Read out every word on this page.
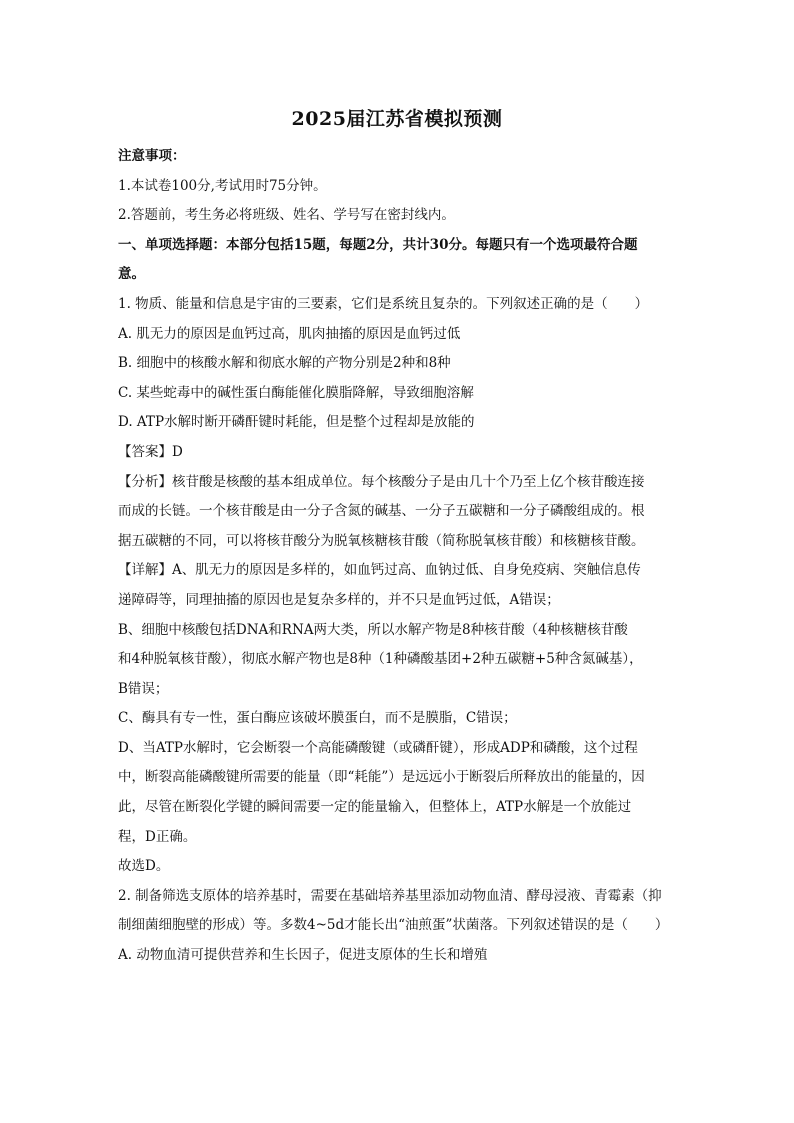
2025届江苏省模拟预测
注意事项：
1.本试卷100分,考试用时75分钟。
2.答题前，考生务必将班级、姓名、学号写在密封线内。
一、单项选择题：本部分包括15题，每题2分，共计30分。每题只有一个选项最符合题
意。
1. 物质、能量和信息是宇宙的三要素，它们是系统且复杂的。下列叙述正确的是（　　）
A. 肌无力的原因是血钙过高，肌肉抽搐的原因是血钙过低
B. 细胞中的核酸水解和彻底水解的产物分别是2种和8种
C. 某些蛇毒中的碱性蛋白酶能催化膜脂降解，导致细胞溶解
D. ATP水解时断开磷酐键时耗能，但是整个过程却是放能的
【答案】D
【分析】核苷酸是核酸的基本组成单位。每个核酸分子是由几十个乃至上亿个核苷酸连接
而成的长链。一个核苷酸是由一分子含氮的碱基、一分子五碳糖和一分子磷酸组成的。根
据五碳糖的不同，可以将核苷酸分为脱氧核糖核苷酸（简称脱氧核苷酸）和核糖核苷酸。
【详解】A、肌无力的原因是多样的，如血钙过高、血钠过低、自身免疫病、突触信息传
递障碍等，同理抽搐的原因也是复杂多样的，并不只是血钙过低，A错误；
B、细胞中核酸包括DNA和RNA两大类，所以水解产物是8种核苷酸（4种核糖核苷酸
和4种脱氧核苷酸），彻底水解产物也是8种（1种磷酸基团+2种五碳糖+5种含氮碱基），
B错误；
C、酶具有专一性，蛋白酶应该破坏膜蛋白，而不是膜脂，C错误；
D、当ATP水解时，它会断裂一个高能磷酸键（或磷酐键），形成ADP和磷酸，这个过程
中，断裂高能磷酸键所需要的能量（即“耗能”）是远远小于断裂后所释放出的能量的，因
此，尽管在断裂化学键的瞬间需要一定的能量输入，但整体上，ATP水解是一个放能过
程，D正确。
故选D。
2. 制备筛选支原体的培养基时，需要在基础培养基里添加动物血清、酵母浸液、青霉素（抑
制细菌细胞壁的形成）等。多数4~5d才能长出“油煎蛋”状菌落。下列叙述错误的是（　　）
A. 动物血清可提供营养和生长因子，促进支原体的生长和增殖
